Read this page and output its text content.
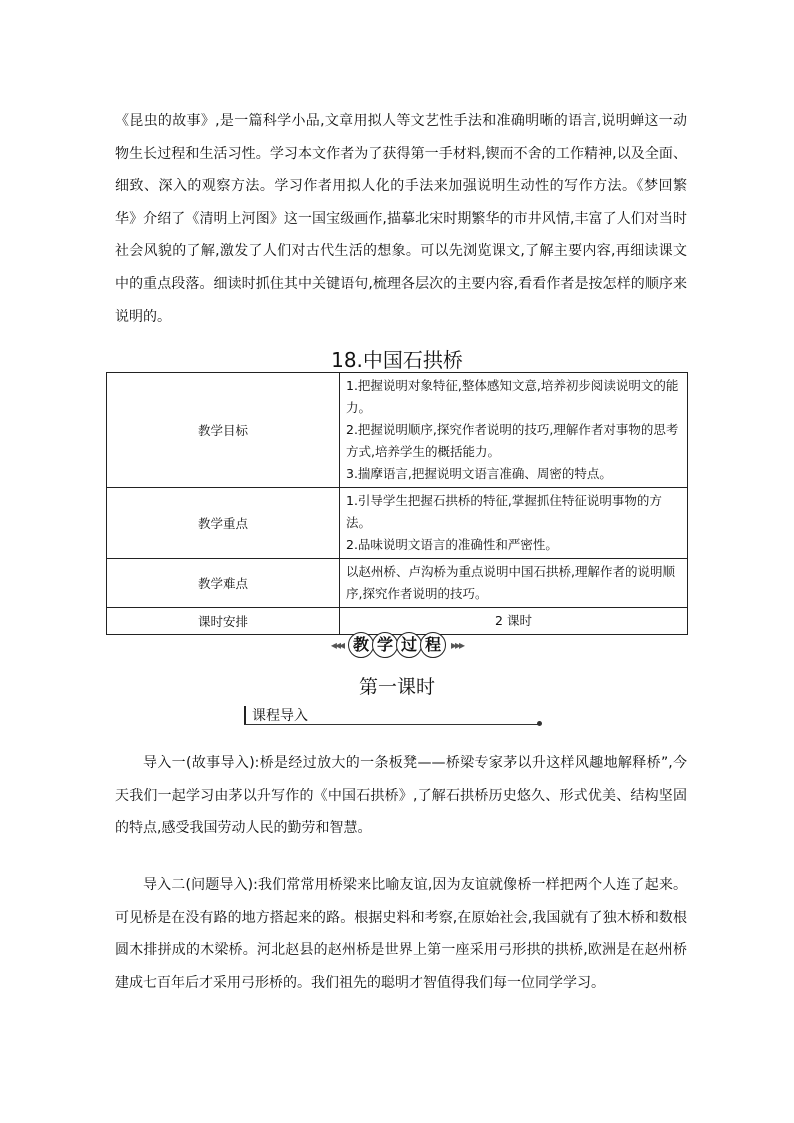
《昆虫的故事》,是一篇科学小品,文章用拟人等文艺性手法和准确明晰的语言,说明蝉这一动物生长过程和生活习性。学习本文作者为了获得第一手材料,锲而不舍的工作精神,以及全面、细致、深入的观察方法。学习作者用拟人化的手法来加强说明生动性的写作方法。《梦回繁华》介绍了《清明上河图》这一国宝级画作,描摹北宋时期繁华的市井风情,丰富了人们对当时社会风貌的了解,激发了人们对古代生活的想象。可以先浏览课文,了解主要内容,再细读课文中的重点段落。细读时抓住其中关键语句,梳理各层次的主要内容,看看作者是按怎样的顺序来说明的。

18.中国石拱桥
教学目标	1.把握说明对象特征,整体感知文意,培养初步阅读说明文的能力。
2.把握说明顺序,探究作者说明的技巧,理解作者对事物的思考方式,培养学生的概括能力。
3.揣摩语言,把握说明文语言准确、周密的特点。

教学重点	1.引导学生把握石拱桥的特征,掌握抓住特征说明事物的方法。
2.品味说明文语言的准确性和严密性。

教学难点	以赵州桥、卢沟桥为重点说明中国石拱桥,理解作者的说明顺序,探究作者说明的技巧。
课时安排	2 课时
◂◂◂ 教 学 过 程 ▸▸▸
第一课时
课程导入

导入一(故事导入):桥是经过放大的一条板凳——桥梁专家茅以升这样风趣地解释桥”,今天我们一起学习由茅以升写作的《中国石拱桥》,了解石拱桥历史悠久、形式优美、结构坚固的特点,感受我国劳动人民的勤劳和智慧。

导入二(问题导入):我们常常用桥梁来比喻友谊,因为友谊就像桥一样把两个人连了起来。可见桥是在没有路的地方搭起来的路。根据史料和考察,在原始社会,我国就有了独木桥和数根圆木排拼成的木梁桥。河北赵县的赵州桥是世界上第一座采用弓形拱的拱桥,欧洲是在赵州桥建成七百年后才采用弓形桥的。我们祖先的聪明才智值得我们每一位同学学习。
